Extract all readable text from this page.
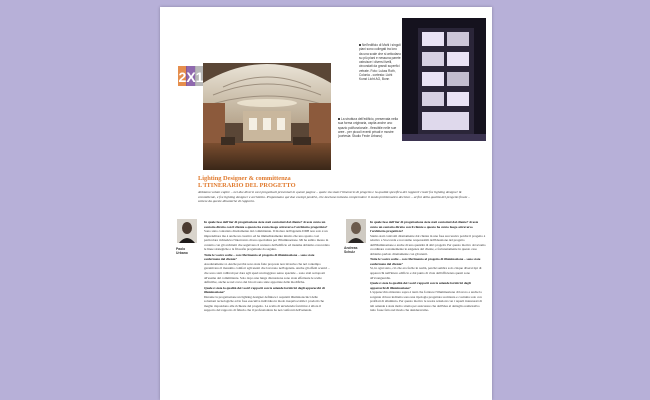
2X1
La struttura dell'edificio, preservata nella sua forma originaria, ospita anche uno spazio polifunzionale - flessibile nelle sue aree - per piccoli eventi privati e mostre (cortesia: Studio Feole Urbano)
Nell'edificio di Mahl i singoli piani sono collegati tra loro da una scale che si articolano su più piani e nessuna parete ostruisce i diversi livelli, circondati da grandi superfici vetrate. Foto: Lukas Roth, Colonia - cortesia: Licht Kunst Licht AG, Bonn
Lighting Designer & committenza
L'ITINERARIO DEL PROGETTO
Abbiamo voluto capire – nei due diversi casi progettuali presentati in queste pagine – quale sia stato l'itinerario di progetto e la qualità specifica dei rapporti creati fra lighting designer & committente, e fra lighting designer e architetto. Proponiamo qui due esempi positivi, che lasciano tuttavia comprendere il modo problematico decisivo – ai fini della qualità del progetto finale – sottese da queste dinamiche di rapporto.
Paolo
Urbano

In quale fase dell'iter di progettazione siete stati contattati dal cliente? Aveste avuto un contatto diretto con il cliente o questo ha avuto luogo attraverso l'architetto progettista?

Sono stato contattato direttamente dal committente. Il titolare dell'agenzia DDB non solo è un imprenditore ma è anche un creativo ed ha immediatamente intuito che uno spazio così particolare richiedeva l'intervento di uno specialista per l'illuminazione. Mi ha subito messo in contatto con gli architetti che seguivano il restauro dell'edificio ed insieme abbiamo concordato le linee strategiche e la filosofia progettuale da seguire.

Tutte le vostre scelte – con riferimento al progetto di illuminazione – sono state confermate dal cliente?

Assolutamente sì. Anche perché sono state fatte proposte non invasive che nel contempo garantivano il massimo comfort agli utenti che lavorano nell'agenzia. Anche gli effetti scenici – che sono stati calibrati per dare agli spazi un maggiore senso spaziale – sono stati sottoposti all'esame del committente. Solo dopo una lunga discussione sono state effettuate le scelte definitive, anche se nel corso dei lavori sono state apportate delle modifiche.

Quale è stata la qualità dei vostri rapporti con le aziende fornitrici degli apparecchi di illuminazione?

Durante la progettazione un lighting designer definisce i requisiti illuminotecnici delle soluzioni tecnologiche ed in fase esecutiva individua in modo inequivocabile i prodotti che meglio rispondono alle richieste del progetto. La scelta di un'azienda fornitrice è allora il supporto del rapporto di fiducia che il professionista ha nei confronti dell'azienda.

Andreas
Schulz

In quale fase dell'iter di progettazione siete stati contattati dal cliente? Aveste avuto un contatto diretto con il cliente o questo ha avuto luogo attraverso l'architetto progettista?

Siamo stati coinvolti direttamente dal cliente in una fase successiva poiché il progetto è relativo a Stoccarda e noi siamo responsabili dell'ideazione del progetto dell'illuminazione e anche di una quantità di altri progetti. Per questo motivo dovevamo coordinare costantemente le esigenze del cliente, e fortunatamente in questo caso abbiamo parlato direttamente con gli utenti.

Tutte le vostre scelte – con riferimento al progetto di illuminazione – sono state confermate dal cliente?

Sì, in ogni stato, ciò che era facile in realtà, perché sembra solo cinque diversi tipi di apparecchi nell'intero edificio e dal punto di vista dell'efficienza questi sono all'avanguardia.

Quale è stata la qualità dei vostri rapporti con le aziende fornitrici degli apparecchi di illuminazione?

L'apparecchio misurato sopra è tanti che fornisce l'illuminazione di lavoro e anche la sorgente di luce indiretta sono una tipologia progettata su misura e costruita solo con profilati di alluminio. Per questo motivo le nostre relazioni con i reparti interessati di tali aziende è stata molto stretta per assicurare che dall'idea al dettaglio realizzativo tutto fosse fatto nel modo che desideravamo.
